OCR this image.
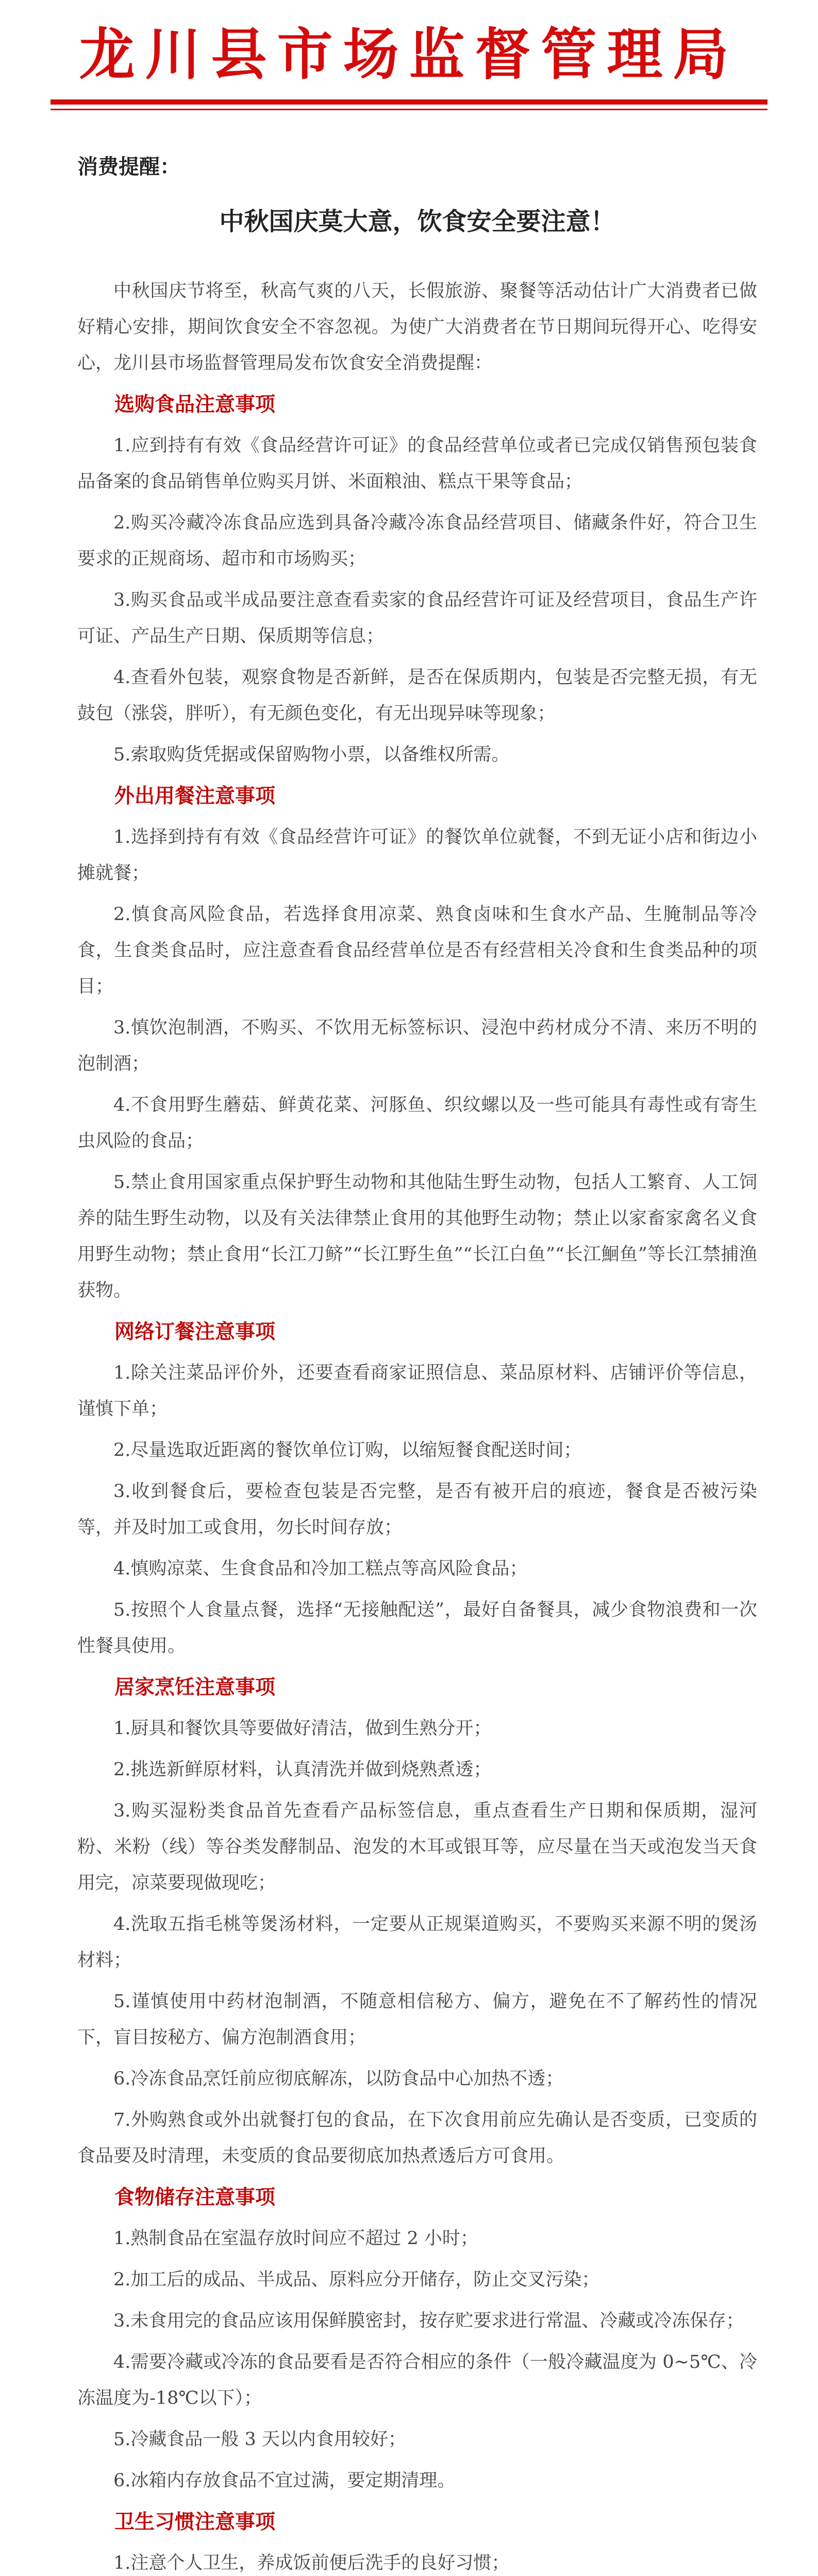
龙川县市场监督管理局
消费提醒：
中秋国庆莫大意，饮食安全要注意！

中秋国庆节将至，秋高气爽的八天，长假旅游、聚餐等活动估计广大消费者已做好精心安排，期间饮食安全不容忽视。为使广大消费者在节日期间玩得开心、吃得安心，龙川县市场监督管理局发布饮食安全消费提醒：

选购食品注意事项

1.应到持有有效《食品经营许可证》的食品经营单位或者已完成仅销售预包装食品备案的食品销售单位购买月饼、米面粮油、糕点干果等食品；

2.购买冷藏冷冻食品应选到具备冷藏冷冻食品经营项目、储藏条件好，符合卫生要求的正规商场、超市和市场购买；

3.购买食品或半成品要注意查看卖家的食品经营许可证及经营项目，食品生产许可证、产品生产日期、保质期等信息；

4.查看外包装，观察食物是否新鲜，是否在保质期内，包装是否完整无损，有无鼓包（涨袋，胖听），有无颜色变化，有无出现异味等现象；

5.索取购货凭据或保留购物小票，以备维权所需。

外出用餐注意事项

1.选择到持有有效《食品经营许可证》的餐饮单位就餐，不到无证小店和街边小摊就餐；

2.慎食高风险食品，若选择食用凉菜、熟食卤味和生食水产品、生腌制品等冷食，生食类食品时，应注意查看食品经营单位是否有经营相关冷食和生食类品种的项目；

3.慎饮泡制酒，不购买、不饮用无标签标识、浸泡中药材成分不清、来历不明的泡制酒；

4.不食用野生蘑菇、鲜黄花菜、河豚鱼、织纹螺以及一些可能具有毒性或有寄生虫风险的食品；

5.禁止食用国家重点保护野生动物和其他陆生野生动物，包括人工繁育、人工饲养的陆生野生动物，以及有关法律禁止食用的其他野生动物；禁止以家畜家禽名义食用野生动物；禁止食用“长江刀鲚”“长江野生鱼”“长江白鱼”“长江鮰鱼”等长江禁捕渔获物。

网络订餐注意事项

1.除关注菜品评价外，还要查看商家证照信息、菜品原材料、店铺评价等信息，谨慎下单；

2.尽量选取近距离的餐饮单位订购，以缩短餐食配送时间；

3.收到餐食后，要检查包装是否完整，是否有被开启的痕迹，餐食是否被污染等，并及时加工或食用，勿长时间存放；

4.慎购凉菜、生食食品和冷加工糕点等高风险食品；

5.按照个人食量点餐，选择“无接触配送”，最好自备餐具，减少食物浪费和一次性餐具使用。

居家烹饪注意事项

1.厨具和餐饮具等要做好清洁，做到生熟分开；

2.挑选新鲜原材料，认真清洗并做到烧熟煮透；

3.购买湿粉类食品首先查看产品标签信息，重点查看生产日期和保质期，湿河粉、米粉（线）等谷类发酵制品、泡发的木耳或银耳等，应尽量在当天或泡发当天食用完，凉菜要现做现吃；

4.洗取五指毛桃等煲汤材料，一定要从正规渠道购买，不要购买来源不明的煲汤材料；

5.谨慎使用中药材泡制酒，不随意相信秘方、偏方，避免在不了解药性的情况下，盲目按秘方、偏方泡制酒食用；

6.冷冻食品烹饪前应彻底解冻，以防食品中心加热不透；

7.外购熟食或外出就餐打包的食品，在下次食用前应先确认是否变质，已变质的食品要及时清理，未变质的食品要彻底加热煮透后方可食用。

食物储存注意事项

1.熟制食品在室温存放时间应不超过 2 小时；

2.加工后的成品、半成品、原料应分开储存，防止交叉污染；

3.未食用完的食品应该用保鲜膜密封，按存贮要求进行常温、冷藏或冷冻保存；

4.需要冷藏或冷冻的食品要看是否符合相应的条件（一般冷藏温度为 0~5℃、冷冻温度为-18℃以下）；

5.冷藏食品一般 3 天以内食用较好；

6.冰箱内存放食品不宜过满，要定期清理。

卫生习惯注意事项

1.注意个人卫生，养成饭前便后洗手的良好习惯；
